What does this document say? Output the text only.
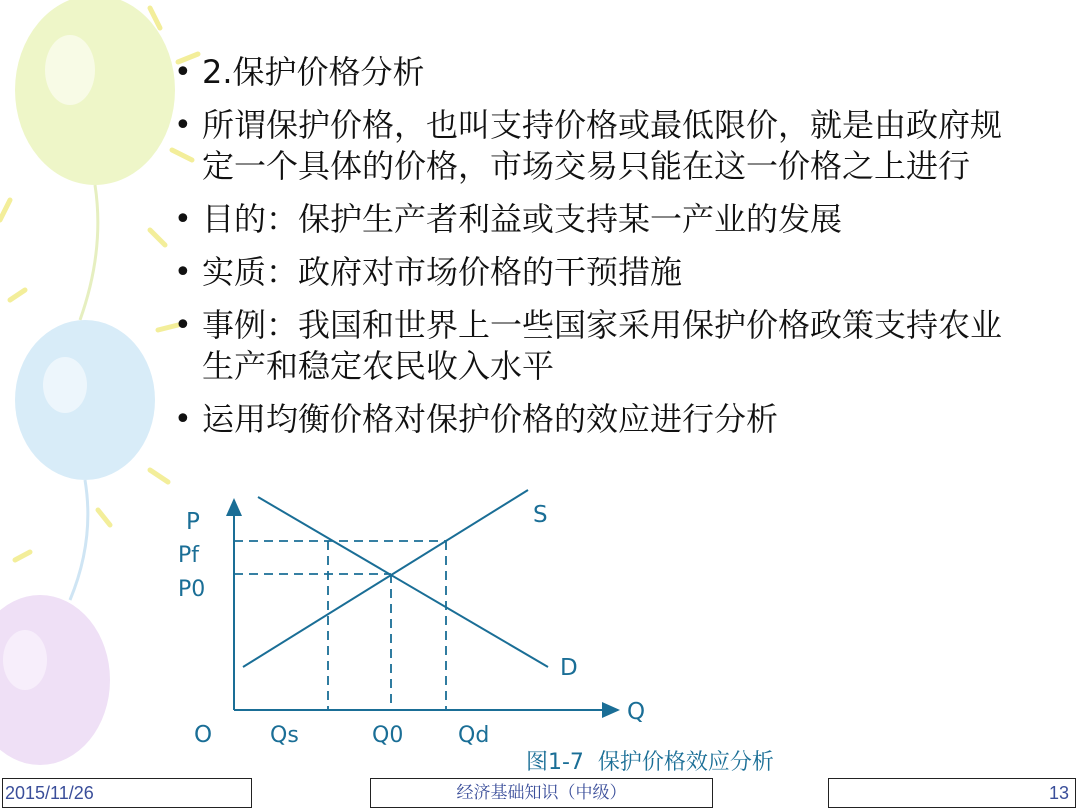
• 2.保护价格分析
• 所谓保护价格，也叫支持价格或最低限价，就是由政府规定一个具体的价格，市场交易只能在这一价格之上进行
• 目的：保护生产者利益或支持某一产业的发展
• 实质：政府对市场价格的干预措施
• 事例：我国和世界上一些国家采用保护价格政策支持农业生产和稳定农民收入水平
• 运用均衡价格对保护价格的效应进行分析
P
Pf
P0
S
D
Q
O	Qs	Q0 Qd
图1-7  保护价格效应分析
2015/11/26	经济基础知识（中级）	13
